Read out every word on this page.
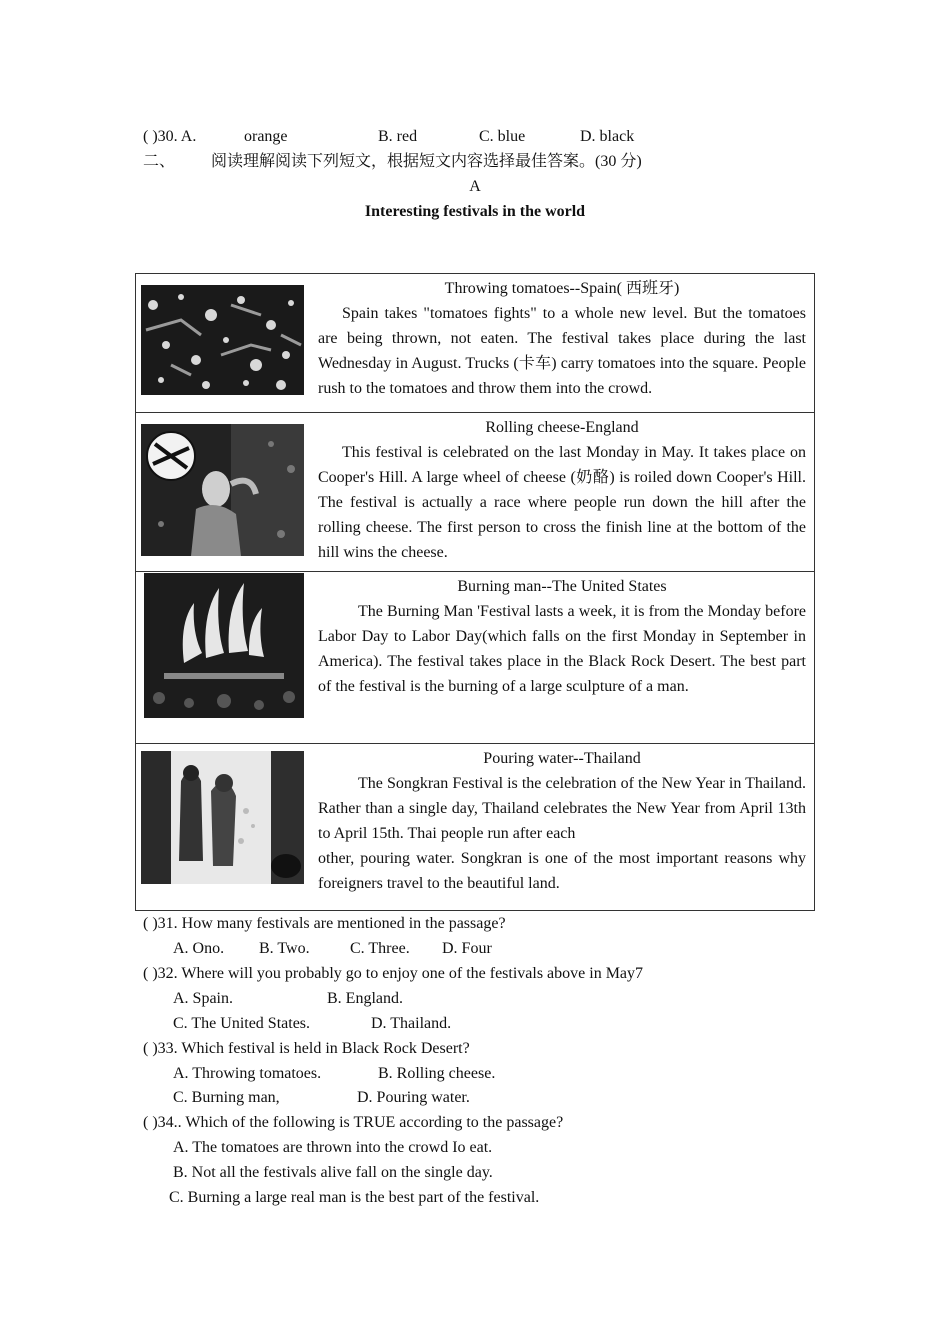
( )30. A.	orange	B. red	C. blue	D. black
二、 阅读理解阅读下列短文，根据短文内容选择最佳答案。(30 分)
A
Interesting festivals in the world

Throwing tomatoes--Spain( 西班牙)
Spain takes "tomatoes fights" to a whole new level. But the tomatoes are being thrown, not eaten. The festival takes place during the last Wednesday in August. Trucks (卡车) carry tomatoes into the square. People rush to the tomatoes and throw them into the crowd.

Rolling cheese-England
This festival is celebrated on the last Monday in May. It takes place on Cooper's Hill. A large wheel of cheese (奶酪) is roiled down Cooper's Hill. The festival is actually a race where people run down the hill after the rolling cheese. The first person to cross the finish line at the bottom of the hill wins the cheese.

Burning man--The United States
The Burning Man 'Festival lasts a week, it is from the Monday before Labor Day to Labor Day(which falls on the first Monday in September in America). The festival takes place in the Black Rock Desert. The best part of the festival is the burning of a large sculpture of a man.

Pouring water--Thailand
The Songkran Festival is the celebration of the New Year in Thailand. Rather than a single day, Thailand celebrates the New Year from April 13th to April 15th. Thai people run after each
other, pouring water. Songkran is one of the most important reasons why foreigners travel to the beautiful land.
( )31. How many festivals are mentioned in the passage?
A. Ono. B. Two.	C. Three. D. Four
( )32. Where will you probably go to enjoy one of the festivals above in May7
A. Spain.	B. England.
C. The United States.	D. Thailand.
( )33. Which festival is held in Black Rock Desert?
A. Throwing tomatoes.	B. Rolling cheese.
C. Burning man,	D. Pouring water.
( )34.. Which of the following is TRUE according to the passage?
A. The tomatoes are thrown into the crowd Io eat.
B. Not all the festivals alive fall on the single day.
C. Burning a large real man is the best part of the festival.
